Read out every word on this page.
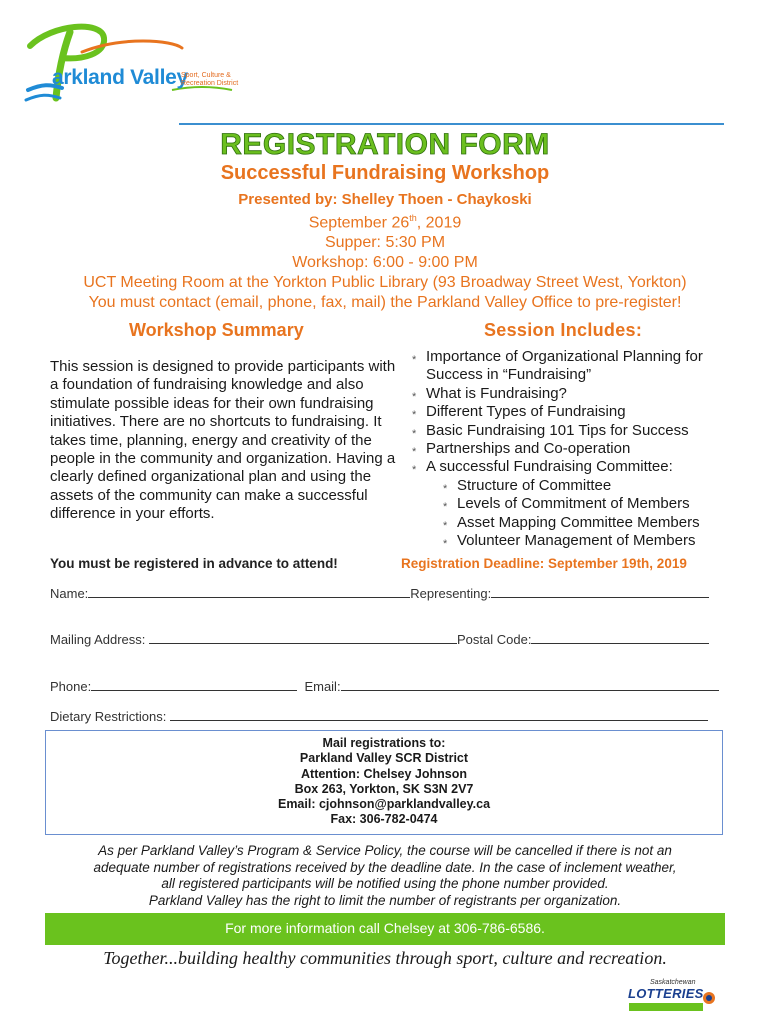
arkland Valley
Sport, Culture &
Recreation District
REGISTRATION FORM
Successful Fundraising Workshop
Presented by: Shelley Thoen - Chaykoski
September 26th, 2019
Supper: 5:30 PM
Workshop: 6:00 - 9:00 PM
UCT Meeting Room at the Yorkton Public Library (93 Broadway Street West, Yorkton)
You must contact (email, phone, fax, mail) the Parkland Valley Office to pre-register!
Workshop Summary	Session Includes:
This session is designed to provide participants with a foundation of fundraising knowledge and also stimulate possible ideas for their own fundraising initiatives. There are no shortcuts to fundraising. It takes time, planning, energy and creativity of the people in the community and organization. Having a clearly defined organizational plan and using the assets of the community can make a successful difference in your efforts.
* Importance of Organizational Planning for Success in “Fundraising”
* What is Fundraising?
* Different Types of Fundraising
* Basic Fundraising 101 Tips for Success
* Partnerships and Co-operation
* A successful Fundraising Committee:
* Structure of Committee
* Levels of Commitment of Members
* Asset Mapping Committee Members
* Volunteer Management of Members
You must be registered in advance to attend!	Registration Deadline: September 19th, 2019
Name:	Representing:
Mailing Address:	Postal Code:
Phone:	Email:
Dietary Restrictions:
Mail registrations to:
Parkland Valley SCR District
Attention: Chelsey Johnson
Box 263, Yorkton, SK S3N 2V7
Email: cjohnson@parklandvalley.ca
Fax: 306-782-0474
As per Parkland Valley’s Program & Service Policy, the course will be cancelled if there is not an
adequate number of registrations received by the deadline date. In the case of inclement weather,
all registered participants will be notified using the phone number provided.
Parkland Valley has the right to limit the number of registrants per organization.
For more information call Chelsey at 306-786-6586.
Together...building healthy communities through sport, culture and recreation.
Saskatchewan
LOTTERIES
